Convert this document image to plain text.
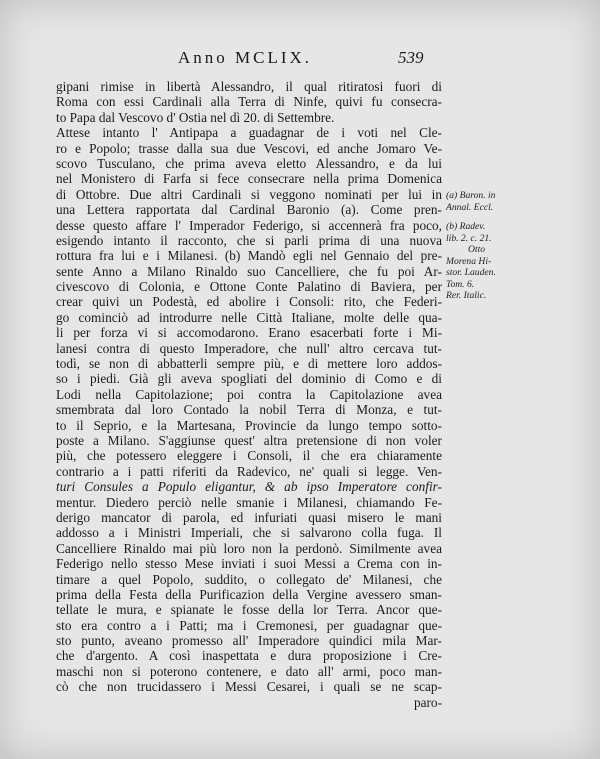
Anno MCLIX.	539
gipani rimise in libertà Alessandro, il qual ritiratosi fuori di
Roma con essi Cardinali alla Terra di Ninfe, quivi fu consecra-
to Papa dal Vescovo d' Ostia nel dì 20. di Settembre.
Attese intanto l' Antipapa a guadagnar de i voti nel Cle-
ro e Popolo; trasse dalla sua due Vescovi, ed anche Jomaro Ve-
scovo Tusculano, che prima aveva eletto Alessandro, e da lui
nel Monistero di Farfa si fece consecrare nella prima Domenica
di Ottobre. Due altri Cardinali si veggono nominati per lui in
una Lettera rapportata dal Cardinal Baronio (a). Come pren-
desse questo affare l' Imperador Federigo, si accennerà fra poco,
esigendo intanto il racconto, che si parli prima di una nuova
rottura fra lui e i Milanesi. (b) Mandò egli nel Gennaio del pre-
sente Anno a Milano Rinaldo suo Cancelliere, che fu poi Ar-
civescovo di Colonia, e Ottone Conte Palatino di Baviera, per
crear quivi un Podestà, ed abolire i Consoli: rito, che Federi-
go cominciò ad introdurre nelle Città Italiane, molte delle qua-
li per forza vi si accomodarono. Erano esacerbati forte i Mi-
lanesi contra di questo Imperadore, che null' altro cercava tut-
todì, se non di abbatterli sempre più, e di mettere loro addos-
so i piedi. Già gli aveva spogliati del dominio di Como e di
Lodi nella Capitolazione; poi contra la Capitolazione avea
smembrata dal loro Contado la nobil Terra di Monza, e tut-
to il Seprio, e la Martesana, Provincie da lungo tempo sotto-
poste a Milano. S'aggiunse quest' altra pretensione di non voler
più, che potessero eleggere i Consoli, il che era chiaramente
contrario a i patti riferiti da Radevico, ne' quali si legge. Ven-
turi Consules a Populo eligantur, & ab ipso Imperatore confir-
mentur. Diedero perciò nelle smanie i Milanesi, chiamando Fe-
derigo mancator di parola, ed infuriati quasi misero le mani
addosso a i Ministri Imperiali, che si salvarono colla fuga. Il
Cancelliere Rinaldo mai più loro non la perdonò. Similmente avea
Federigo nello stesso Mese inviati i suoi Messi a Crema con in-
timare a quel Popolo, suddito, o collegato de' Milanesi, che
prima della Festa della Purificazion della Vergine avessero sman-
tellate le mura, e spianate le fosse della lor Terra. Ancor que-
sto era contro a i Patti; ma i Cremonesi, per guadagnar que-
sto punto, aveano promesso all' Imperadore quindici mila Mar-
che d'argento. A così inaspettata e dura proposizione i Cre-
maschi non si poterono contenere, e dato all' armi, poco man-
cò che non trucidassero i Messi Cesarei, i quali se ne scap-
paro-
(a) Baron. in
Annal. Eccl.
(b) Radev.
lib. 2. c. 21.
Otto
Morena Hi-
stor. Lauden.
Tom. 6.
Rer. Italic.
